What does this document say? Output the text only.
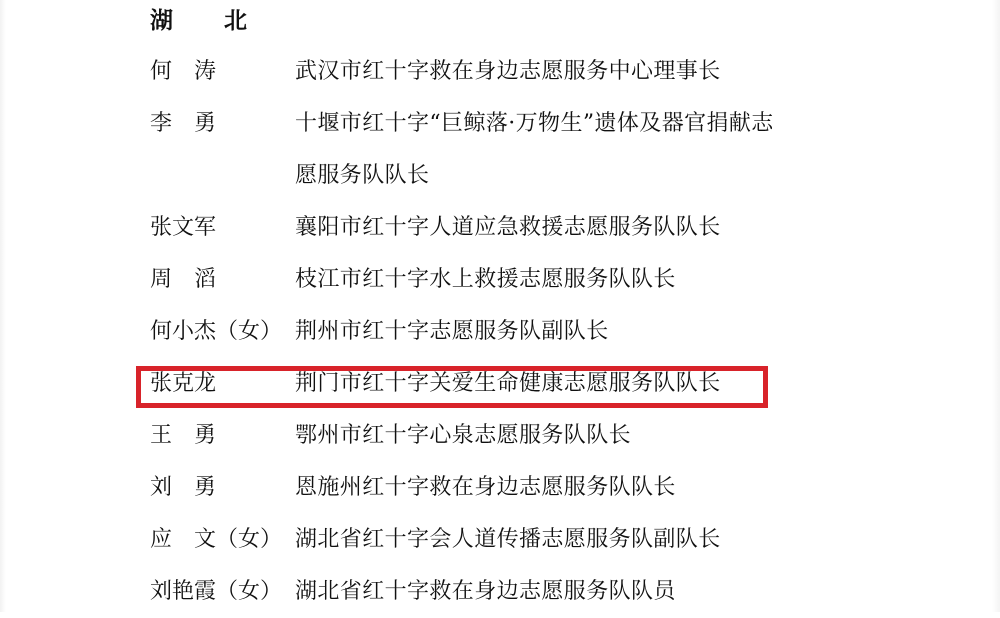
湖　北
何　涛	武汉市红十字救在身边志愿服务中心理事长
李　勇	十堰市红十字“巨鲸落·万物生”遗体及器官捐献志
愿服务队队长
张文军	襄阳市红十字人道应急救援志愿服务队队长
周　滔	枝江市红十字水上救援志愿服务队队长
何小杰（女） 荆州市红十字志愿服务队副队长
张克龙	荆门市红十字关爱生命健康志愿服务队队长
王　勇	鄂州市红十字心泉志愿服务队队长
刘　勇	恩施州红十字救在身边志愿服务队队长
应　文（女） 湖北省红十字会人道传播志愿服务队副队长
刘艳霞（女） 湖北省红十字救在身边志愿服务队队员
